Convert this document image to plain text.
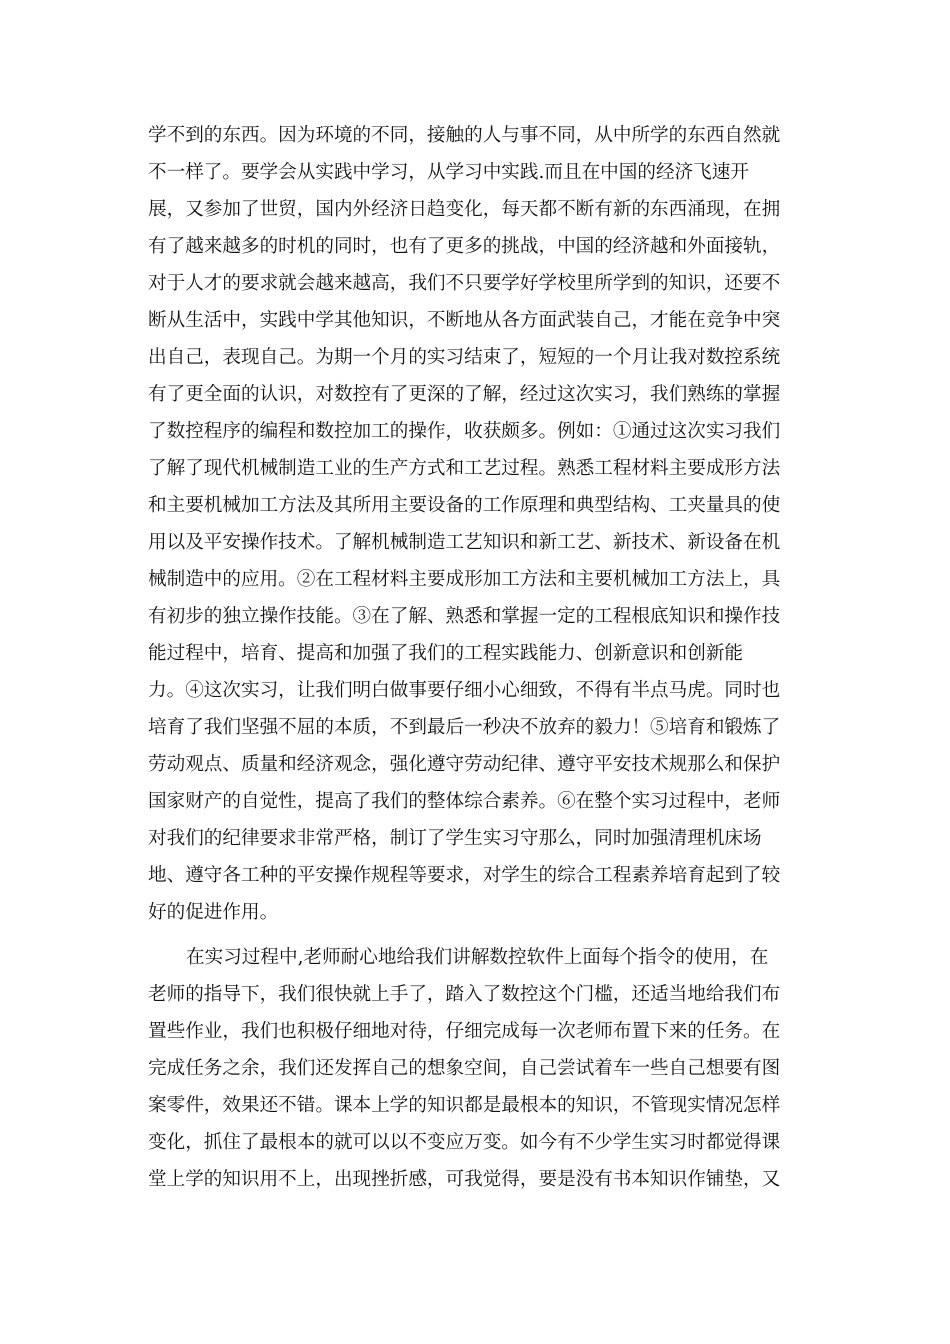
学不到的东西。因为环境的不同，接触的人与事不同，从中所学的东西自然就
不一样了。要学会从实践中学习，从学习中实践.而且在中国的经济飞速开
展，又参加了世贸，国内外经济日趋变化，每天都不断有新的东西涌现，在拥
有了越来越多的时机的同时，也有了更多的挑战，中国的经济越和外面接轨，
对于人才的要求就会越来越高，我们不只要学好学校里所学到的知识，还要不
断从生活中，实践中学其他知识，不断地从各方面武装自己，才能在竞争中突
出自己，表现自己。为期一个月的实习结束了，短短的一个月让我对数控系统
有了更全面的认识，对数控有了更深的了解，经过这次实习，我们熟练的掌握
了数控程序的编程和数控加工的操作，收获颇多。例如：①通过这次实习我们
了解了现代机械制造工业的生产方式和工艺过程。熟悉工程材料主要成形方法
和主要机械加工方法及其所用主要设备的工作原理和典型结构、工夹量具的使
用以及平安操作技术。了解机械制造工艺知识和新工艺、新技术、新设备在机
械制造中的应用。②在工程材料主要成形加工方法和主要机械加工方法上，具
有初步的独立操作技能。③在了解、熟悉和掌握一定的工程根底知识和操作技
能过程中，培育、提高和加强了我们的工程实践能力、创新意识和创新能
力。④这次实习，让我们明白做事要仔细小心细致，不得有半点马虎。同时也
培育了我们坚强不屈的本质，不到最后一秒决不放弃的毅力！⑤培育和锻炼了
劳动观点、质量和经济观念，强化遵守劳动纪律、遵守平安技术规那么和保护
国家财产的自觉性，提高了我们的整体综合素养。⑥在整个实习过程中，老师
对我们的纪律要求非常严格，制订了学生实习守那么，同时加强清理机床场
地、遵守各工种的平安操作规程等要求，对学生的综合工程素养培育起到了较
好的促进作用。
在实习过程中,老师耐心地给我们讲解数控软件上面每个指令的使用，在
老师的指导下，我们很快就上手了，踏入了数控这个门槛，还适当地给我们布
置些作业，我们也积极仔细地对待，仔细完成每一次老师布置下来的任务。在
完成任务之余，我们还发挥自己的想象空间，自己尝试着车一些自己想要有图
案零件，效果还不错。课本上学的知识都是最根本的知识，不管现实情况怎样
变化，抓住了最根本的就可以以不变应万变。如今有不少学生实习时都觉得课
堂上学的知识用不上，出现挫折感，可我觉得，要是没有书本知识作铺垫，又
